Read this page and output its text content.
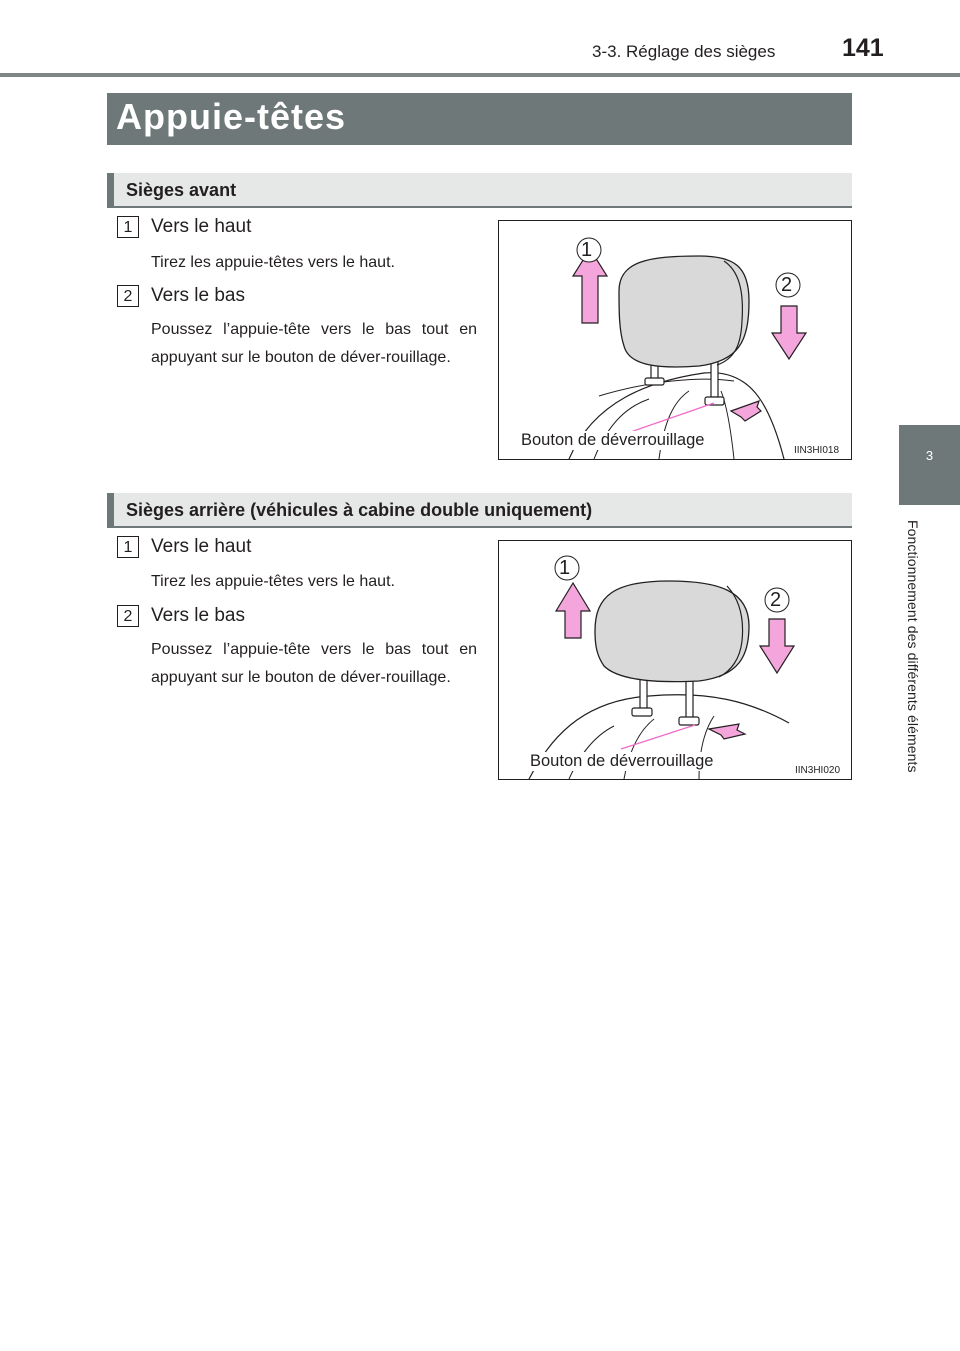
3-3. Réglage des sièges	141
3
Fonctionnement des différents éléments
Appuie-têtes
Sièges avant
1 Vers le haut
Tirez les appuie-têtes vers le haut.
2 Vers le bas
Poussez l’appuie-tête vers le bas tout en appuyant sur le bouton de déver-rouillage.
1
2
Bouton de déverrouillage
IIN3HI018
Sièges arrière (véhicules à cabine double uniquement)
1 Vers le haut
Tirez les appuie-têtes vers le haut.
2 Vers le bas
Poussez l’appuie-tête vers le bas tout en appuyant sur le bouton de déver-rouillage.
1
2
Bouton de déverrouillage
IIN3HI020
